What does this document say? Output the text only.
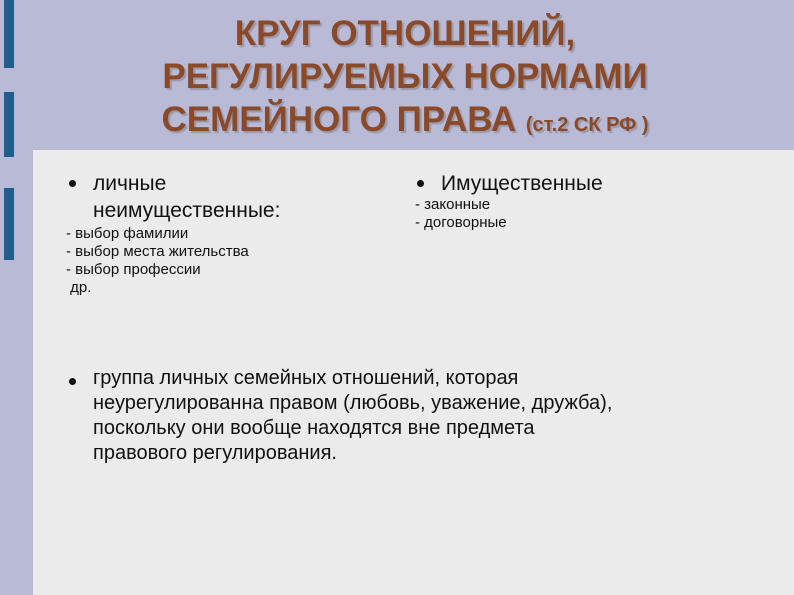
КРУГ ОТНОШЕНИЙ,
РЕГУЛИРУЕМЫХ НОРМАМИ
СЕМЕЙНОГО ПРАВА (ст.2 СК РФ )
личные
неимущественные:
- выбор фамилии
- выбор места жительства
- выбор профессии
др.
Имущественные
- законные
- договорные
группа личных семейных отношений, которая
неурегулированна правом (любовь, уважение, дружба),
поскольку они вообще находятся вне предмета
правового регулирования.
